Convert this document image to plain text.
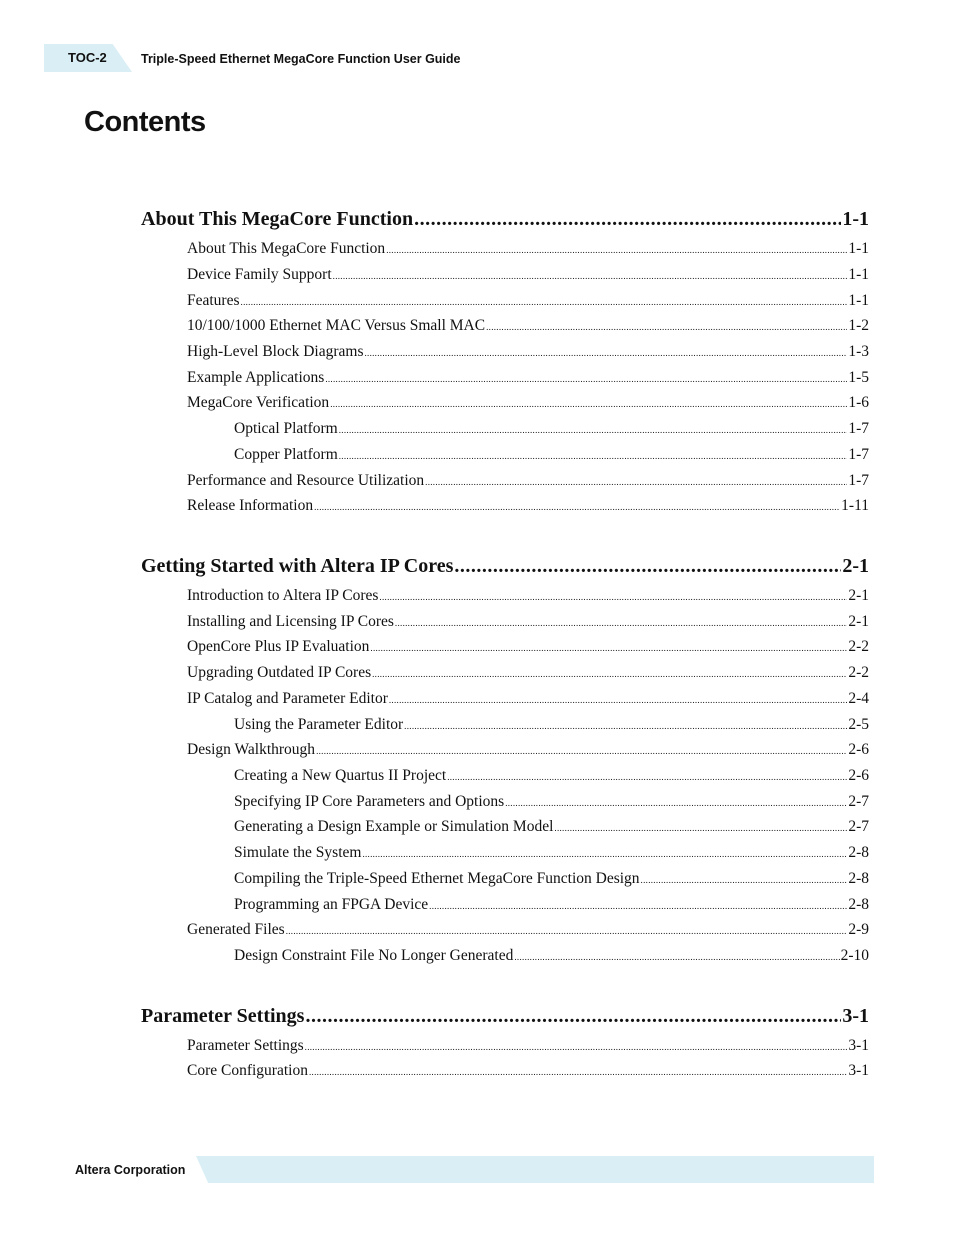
TOC-2	Triple-Speed Ethernet MegaCore Function User Guide
Contents
About This MegaCore Function .....	1-1
About This MegaCore Function .....	1-1
Device Family Support .....	1-1
Features .....	1-1
10/100/1000 Ethernet MAC Versus Small MAC .....	1-2
High-Level Block Diagrams .....	1-3
Example Applications .....	1-5
MegaCore Verification .....	1-6
Optical Platform .....	1-7
Copper Platform .....	1-7
Performance and Resource Utilization .....	1-7
Release Information .....	1-11
Getting Started with Altera IP Cores .....	2-1
Introduction to Altera IP Cores .....	2-1
Installing and Licensing IP Cores .....	2-1
OpenCore Plus IP Evaluation .....	2-2
Upgrading Outdated IP Cores .....	2-2
IP Catalog and Parameter Editor .....	2-4
Using the Parameter Editor .....	2-5
Design Walkthrough .....	2-6
Creating a New Quartus II Project .....	2-6
Specifying IP Core Parameters and Options .....	2-7
Generating a Design Example or Simulation Model .....	2-7
Simulate the System .....	2-8
Compiling the Triple-Speed Ethernet MegaCore Function Design .....	2-8
Programming an FPGA Device .....	2-8
Generated Files .....	2-9
Design Constraint File No Longer Generated .....	2-10
Parameter Settings .....	3-1
Parameter Settings .....	3-1
Core Configuration .....	3-1
Altera Corporation
